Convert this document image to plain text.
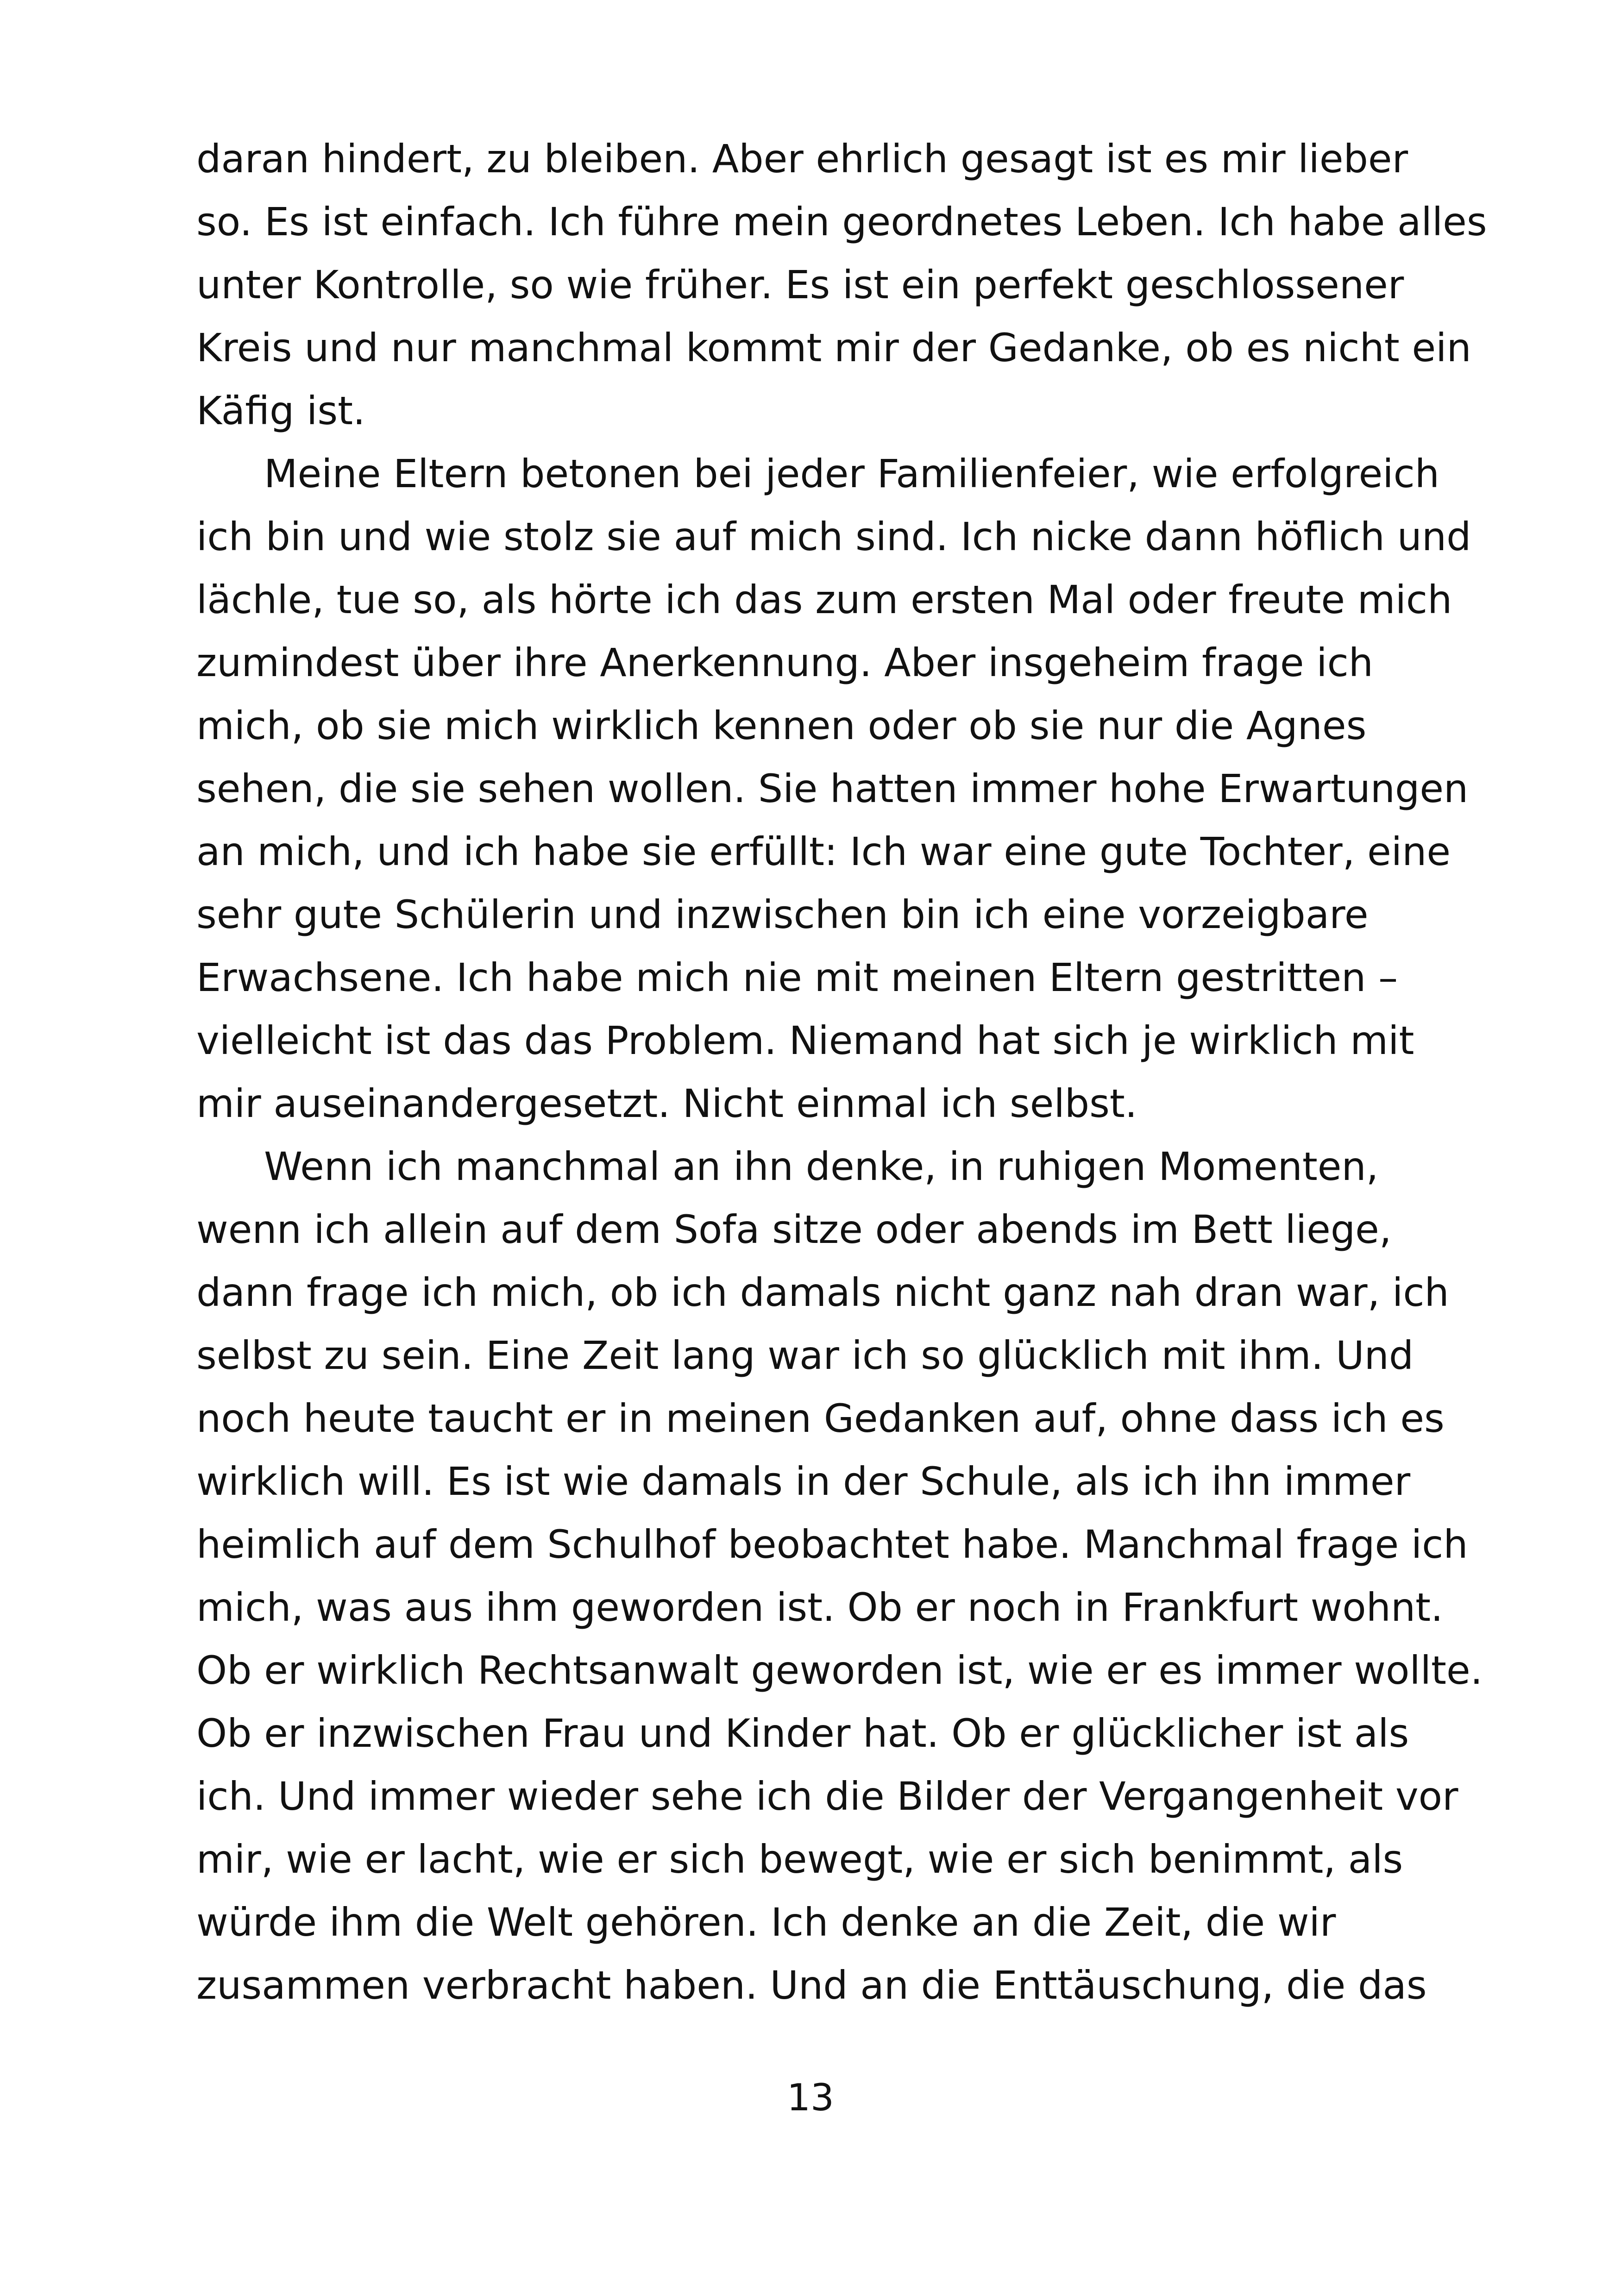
daran hindert, zu bleiben. Aber ehrlich gesagt ist es mir lieber
so. Es ist einfach. Ich führe mein geordnetes Leben. Ich habe alles
unter Kontrolle, so wie früher. Es ist ein perfekt geschlossener
Kreis und nur manchmal kommt mir der Gedanke, ob es nicht ein
Käfig ist.
Meine Eltern betonen bei jeder Familienfeier, wie erfolgreich
ich bin und wie stolz sie auf mich sind. Ich nicke dann höflich und
lächle, tue so, als hörte ich das zum ersten Mal oder freute mich
zumindest über ihre Anerkennung. Aber insgeheim frage ich
mich, ob sie mich wirklich kennen oder ob sie nur die Agnes
sehen, die sie sehen wollen. Sie hatten immer hohe Erwartungen
an mich, und ich habe sie erfüllt: Ich war eine gute Tochter, eine
sehr gute Schülerin und inzwischen bin ich eine vorzeigbare
Erwachsene. Ich habe mich nie mit meinen Eltern gestritten –
vielleicht ist das das Problem. Niemand hat sich je wirklich mit
mir auseinandergesetzt. Nicht einmal ich selbst.
Wenn ich manchmal an ihn denke, in ruhigen Momenten,
wenn ich allein auf dem Sofa sitze oder abends im Bett liege,
dann frage ich mich, ob ich damals nicht ganz nah dran war, ich
selbst zu sein. Eine Zeit lang war ich so glücklich mit ihm. Und
noch heute taucht er in meinen Gedanken auf, ohne dass ich es
wirklich will. Es ist wie damals in der Schule, als ich ihn immer
heimlich auf dem Schulhof beobachtet habe. Manchmal frage ich
mich, was aus ihm geworden ist. Ob er noch in Frankfurt wohnt.
Ob er wirklich Rechtsanwalt geworden ist, wie er es immer wollte.
Ob er inzwischen Frau und Kinder hat. Ob er glücklicher ist als
ich. Und immer wieder sehe ich die Bilder der Vergangenheit vor
mir, wie er lacht, wie er sich bewegt, wie er sich benimmt, als
würde ihm die Welt gehören. Ich denke an die Zeit, die wir
zusammen verbracht haben. Und an die Enttäuschung, die das
13
